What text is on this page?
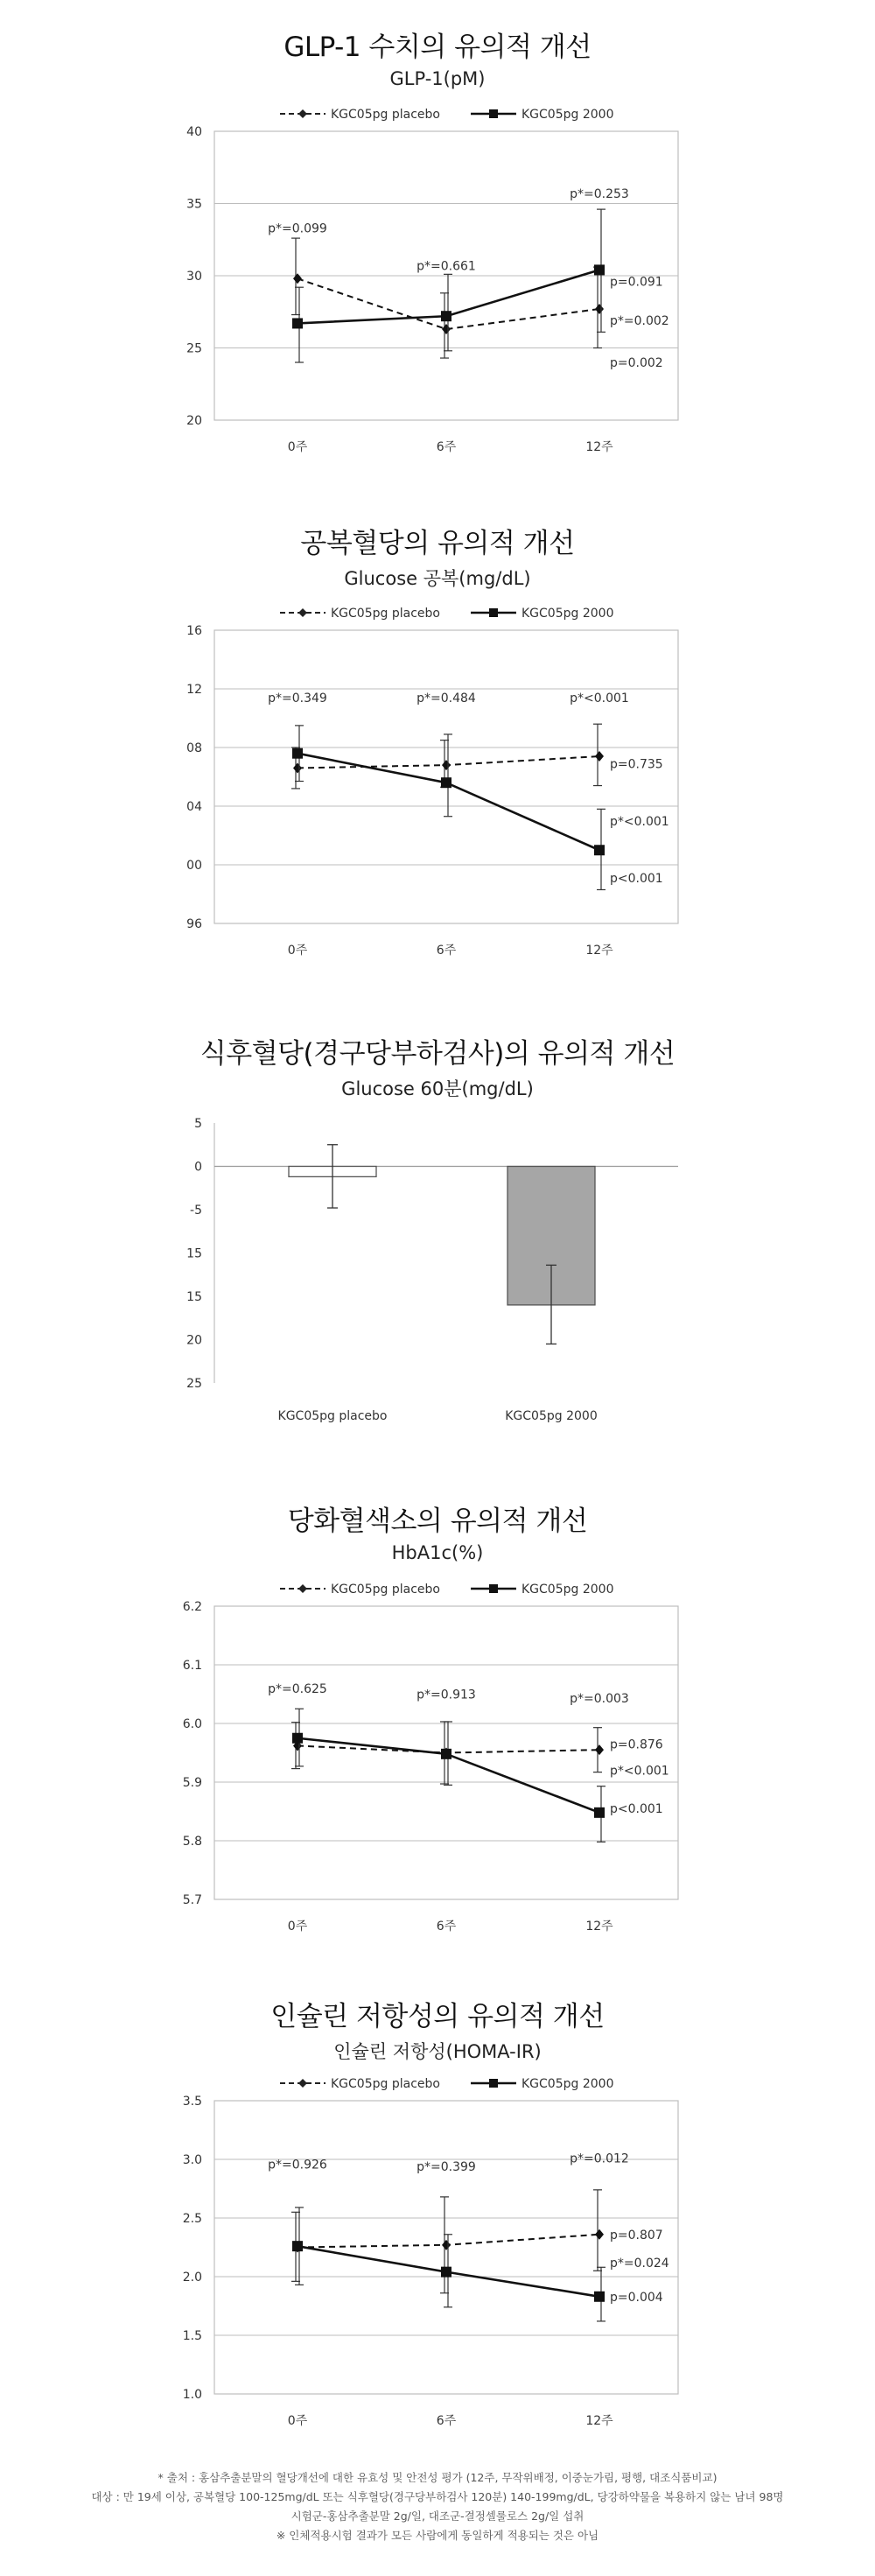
GLP-1 수치의 유의적 개선
GLP-1(pM)
20
25
30
35
40
0주	6주	12주
KGC05pg placebo	KGC05pg 2000
p*=0.099
p*=0.661
p*=0.253
p=0.091
p*=0.002
p=0.002
공복혈당의 유의적 개선
Glucose 공복(mg/dL)
96
00
04
08
12
16
0주	6주	12주
KGC05pg placebo	KGC05pg 2000
p*=0.349	p*=0.484	p*<0.001
p=0.735
p*<0.001
p<0.001
식후혈당(경구당부하검사)의 유의적 개선
Glucose 60분(mg/dL)
5
0
-5
15
15
20
25
KGC05pg placebo	KGC05pg 2000
당화혈색소의 유의적 개선
HbA1c(%)
5.7
5.8
5.9
6.0
6.1
6.2
0주	6주	12주
KGC05pg placebo	KGC05pg 2000
p*=0.625	p*=0.913	p*=0.003
p=0.876
p*<0.001
p<0.001
인슐린 저항성의 유의적 개선
인슐린 저항성(HOMA-IR)
1.0
1.5
2.0
2.5
3.0
3.5
0주	6주	12주
KGC05pg placebo	KGC05pg 2000
p*=0.926	p*=0.399
p*=0.012
p=0.807
p*=0.024
p=0.004
* 출처 : 홍삼추출분말의 혈당개선에 대한 유효성 및 안전성 평가 (12주, 무작위배정, 이중눈가림, 평행, 대조식품비교)
대상 : 만 19세 이상, 공복혈당 100-125mg/dL 또는 식후혈당(경구당부하검사 120분) 140-199mg/dL, 당강하약물을 복용하지 않는 남녀 98명
시험군-홍삼추출분말 2g/일, 대조군-결정셀룰로스 2g/일 섭취
※ 인체적용시험 결과가 모든 사람에게 동일하게 적용되는 것은 아님
